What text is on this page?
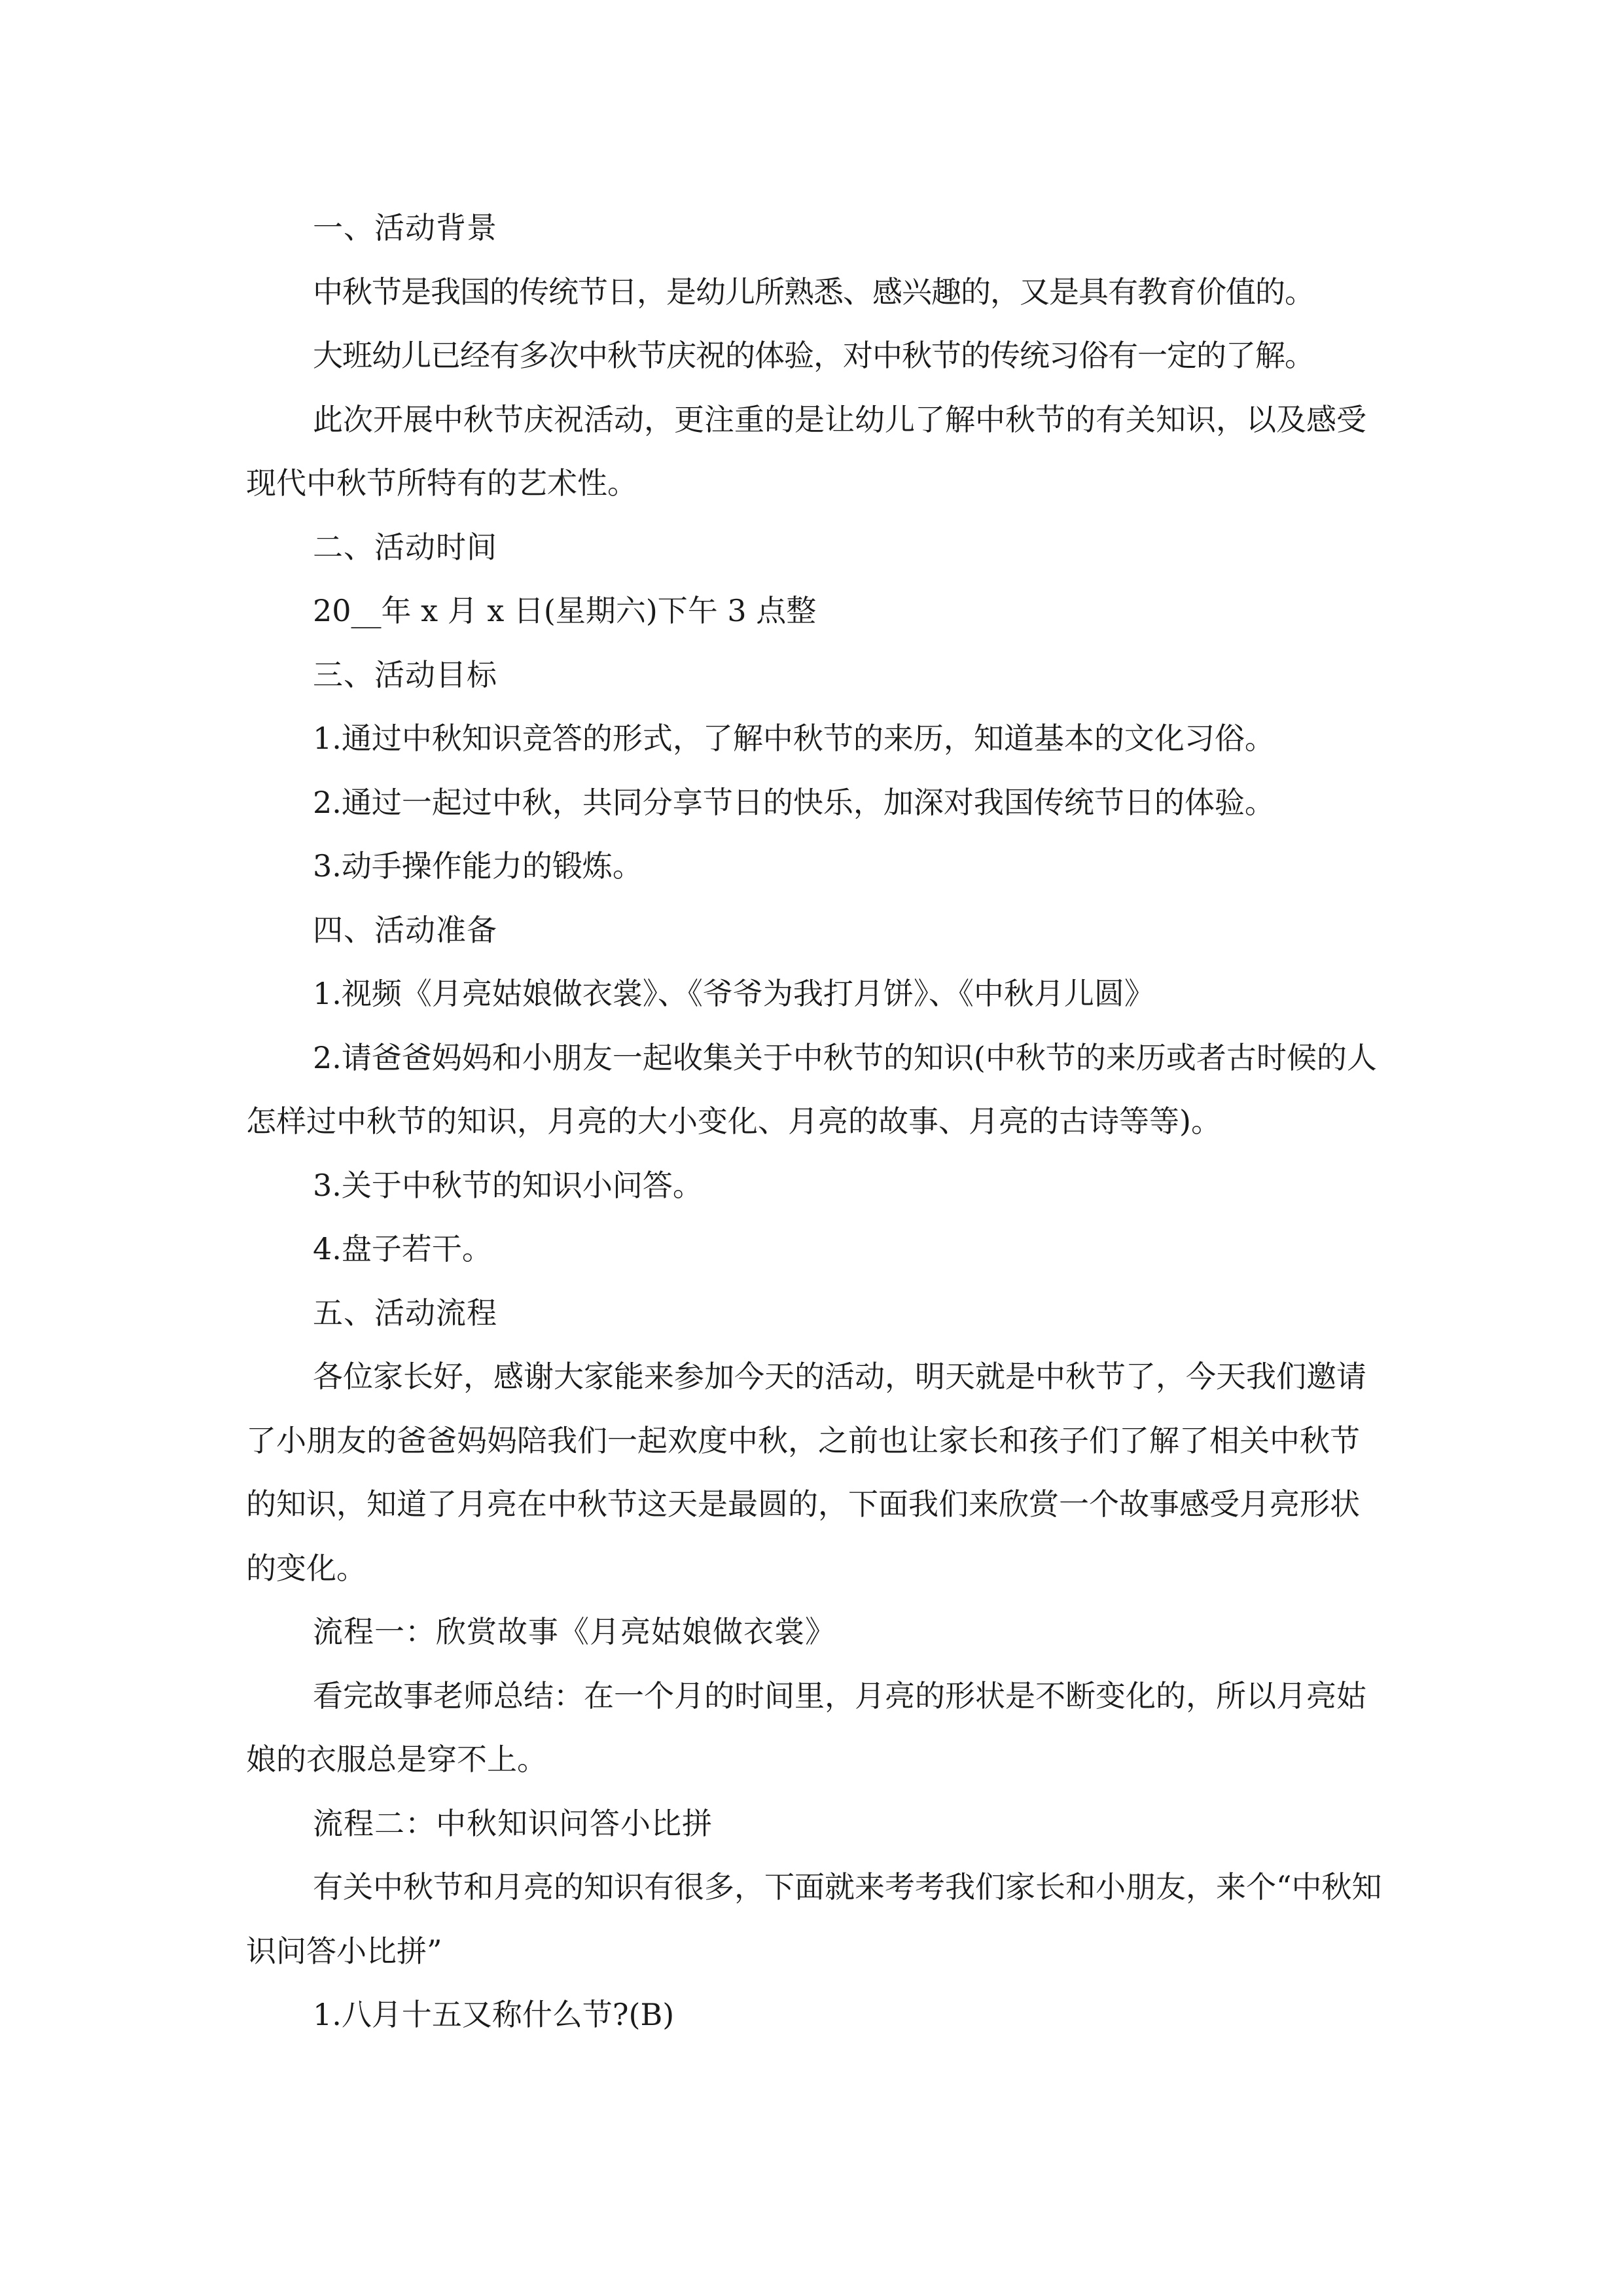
一、活动背景

中秋节是我国的传统节日，是幼儿所熟悉、感兴趣的，又是具有教育价值的。

大班幼儿已经有多次中秋节庆祝的体验，对中秋节的传统习俗有一定的了解。

此次开展中秋节庆祝活动，更注重的是让幼儿了解中秋节的有关知识，以及感受现代中秋节所特有的艺术性。

二、活动时间

20__年 x 月 x 日(星期六)下午 3 点整

三、活动目标

1.通过中秋知识竞答的形式，了解中秋节的来历，知道基本的文化习俗。

2.通过一起过中秋，共同分享节日的快乐，加深对我国传统节日的体验。

3.动手操作能力的锻炼。

四、活动准备

1.视频《月亮姑娘做衣裳》、《爷爷为我打月饼》、《中秋月儿圆》

2.请爸爸妈妈和小朋友一起收集关于中秋节的知识(中秋节的来历或者古时候的人怎样过中秋节的知识，月亮的大小变化、月亮的故事、月亮的古诗等等)。

3.关于中秋节的知识小问答。

4.盘子若干。

五、活动流程

各位家长好，感谢大家能来参加今天的活动，明天就是中秋节了，今天我们邀请了小朋友的爸爸妈妈陪我们一起欢度中秋，之前也让家长和孩子们了解了相关中秋节的知识，知道了月亮在中秋节这天是最圆的，下面我们来欣赏一个故事感受月亮形状的变化。

流程一：欣赏故事《月亮姑娘做衣裳》

看完故事老师总结：在一个月的时间里，月亮的形状是不断变化的，所以月亮姑娘的衣服总是穿不上。

流程二：中秋知识问答小比拼

有关中秋节和月亮的知识有很多，下面就来考考我们家长和小朋友，来个“中秋知识问答小比拼”

1.八月十五又称什么节?(B)
